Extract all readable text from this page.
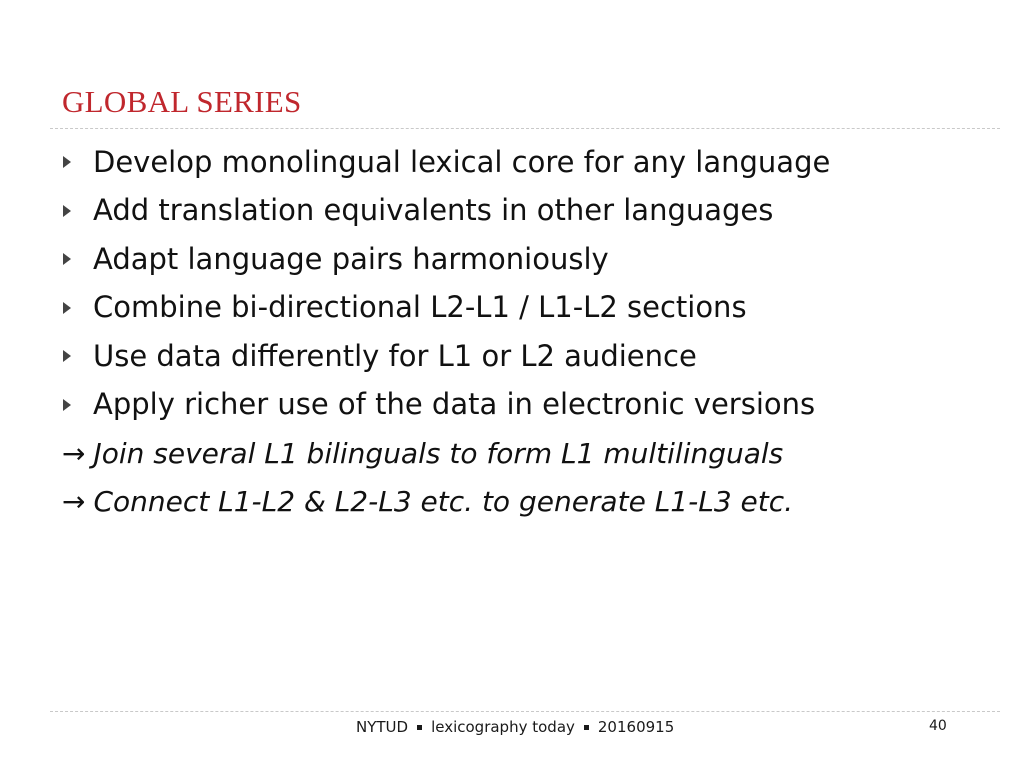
GLOBAL SERIES
Develop monolingual lexical core for any language
Add translation equivalents in other languages
Adapt language pairs harmoniously
Combine bi-directional L2-L1 / L1-L2 sections
Use data differently for L1 or L2 audience
Apply richer use of the data in electronic versions
→ Join several L1 bilinguals to form L1 multilinguals
→ Connect L1-L2 & L2-L3 etc. to generate L1-L3 etc.
NYTUD lexicography today 20160915	40
